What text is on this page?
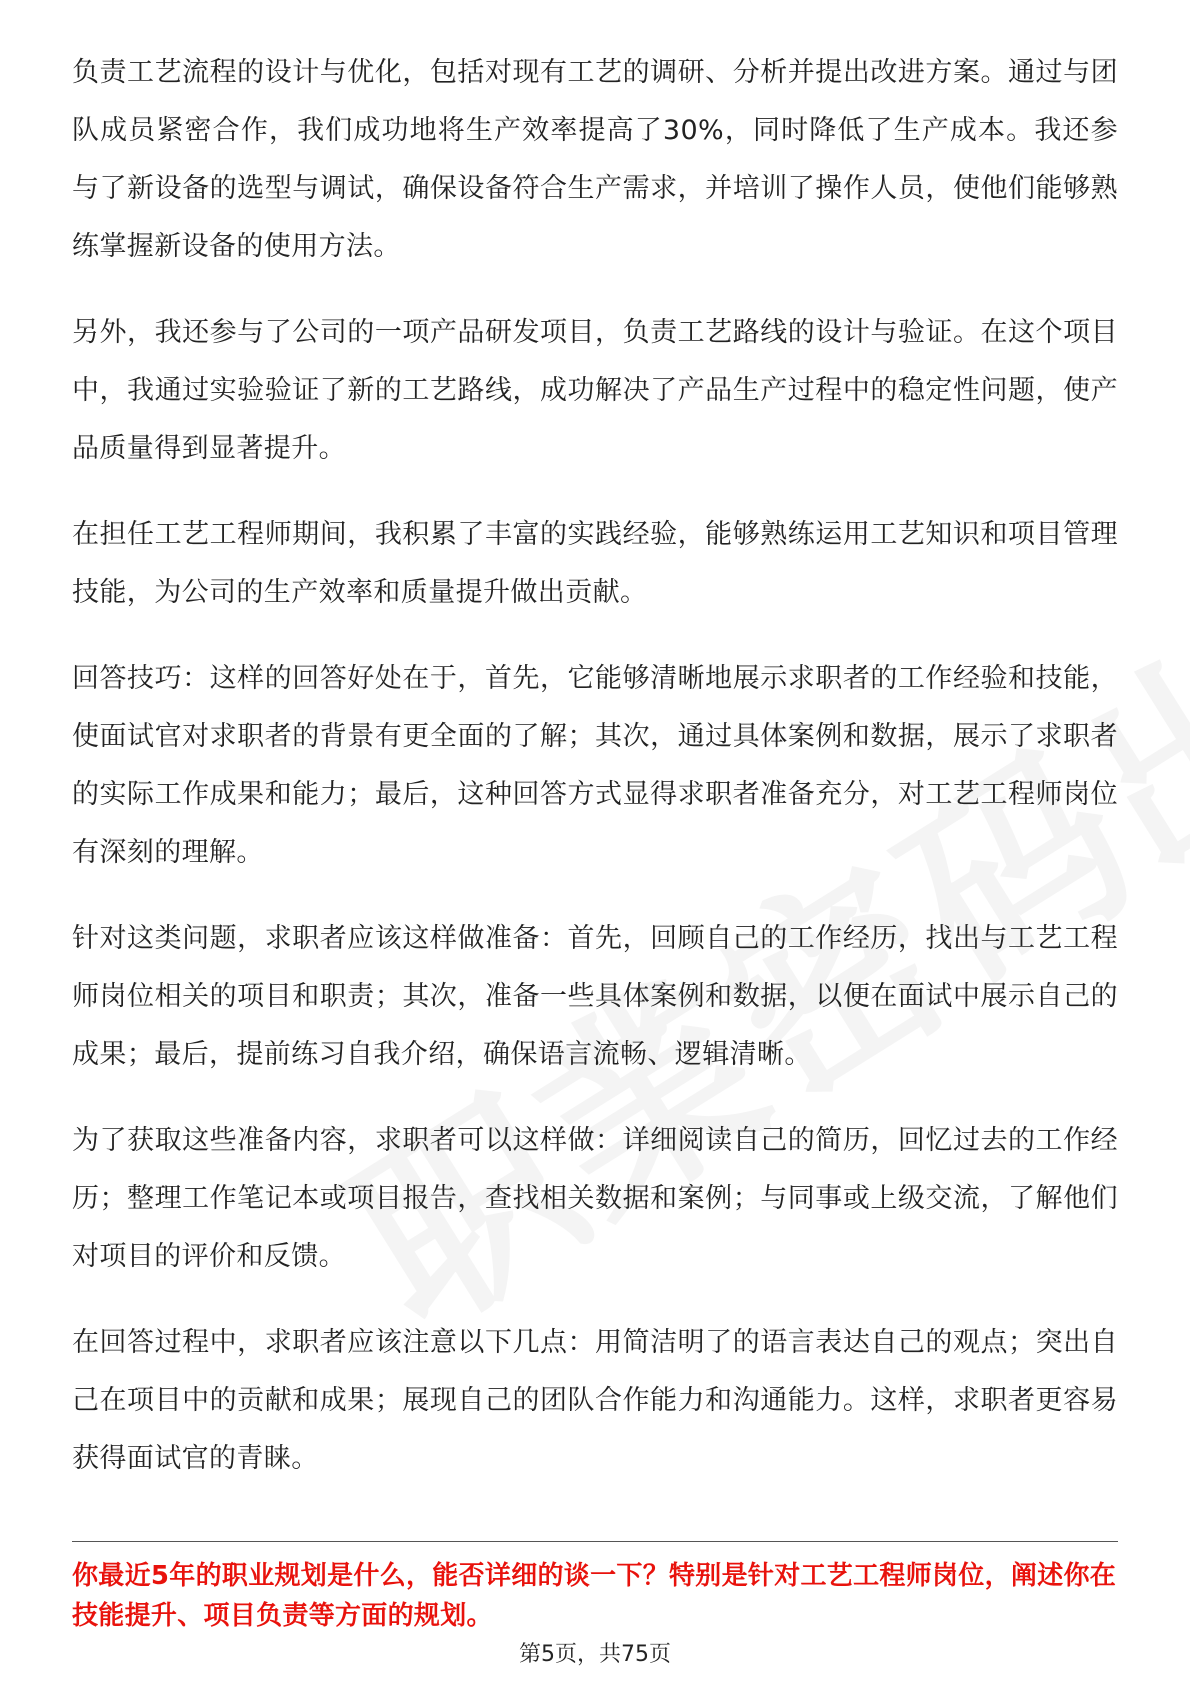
负责工艺流程的设计与优化，包括对现有工艺的调研、分析并提出改进方案。通过与团队成员紧密合作，我们成功地将生产效率提高了30%，同时降低了生产成本。我还参与了新设备的选型与调试，确保设备符合生产需求，并培训了操作人员，使他们能够熟练掌握新设备的使用方法。

另外，我还参与了公司的一项产品研发项目，负责工艺路线的设计与验证。在这个项目中，我通过实验验证了新的工艺路线，成功解决了产品生产过程中的稳定性问题，使产品质量得到显著提升。

在担任工艺工程师期间，我积累了丰富的实践经验，能够熟练运用工艺知识和项目管理技能，为公司的生产效率和质量提升做出贡献。

回答技巧：这样的回答好处在于，首先，它能够清晰地展示求职者的工作经验和技能，使面试官对求职者的背景有更全面的了解；其次，通过具体案例和数据，展示了求职者的实际工作成果和能力；最后，这种回答方式显得求职者准备充分，对工艺工程师岗位有深刻的理解。

针对这类问题，求职者应该这样做准备：首先，回顾自己的工作经历，找出与工艺工程师岗位相关的项目和职责；其次，准备一些具体案例和数据，以便在面试中展示自己的成果；最后，提前练习自我介绍，确保语言流畅、逻辑清晰。

为了获取这些准备内容，求职者可以这样做：详细阅读自己的简历，回忆过去的工作经历；整理工作笔记本或项目报告，查找相关数据和案例；与同事或上级交流，了解他们对项目的评价和反馈。

在回答过程中，求职者应该注意以下几点：用简洁明了的语言表达自己的观点；突出自己在项目中的贡献和成果；展现自己的团队合作能力和沟通能力。这样，求职者更容易获得面试官的青睐。

你最近5年的职业规划是什么，能否详细的谈一下？特别是针对工艺工程师岗位，阐述你在技能提升、项目负责等方面的规划。

第5页，共75页
